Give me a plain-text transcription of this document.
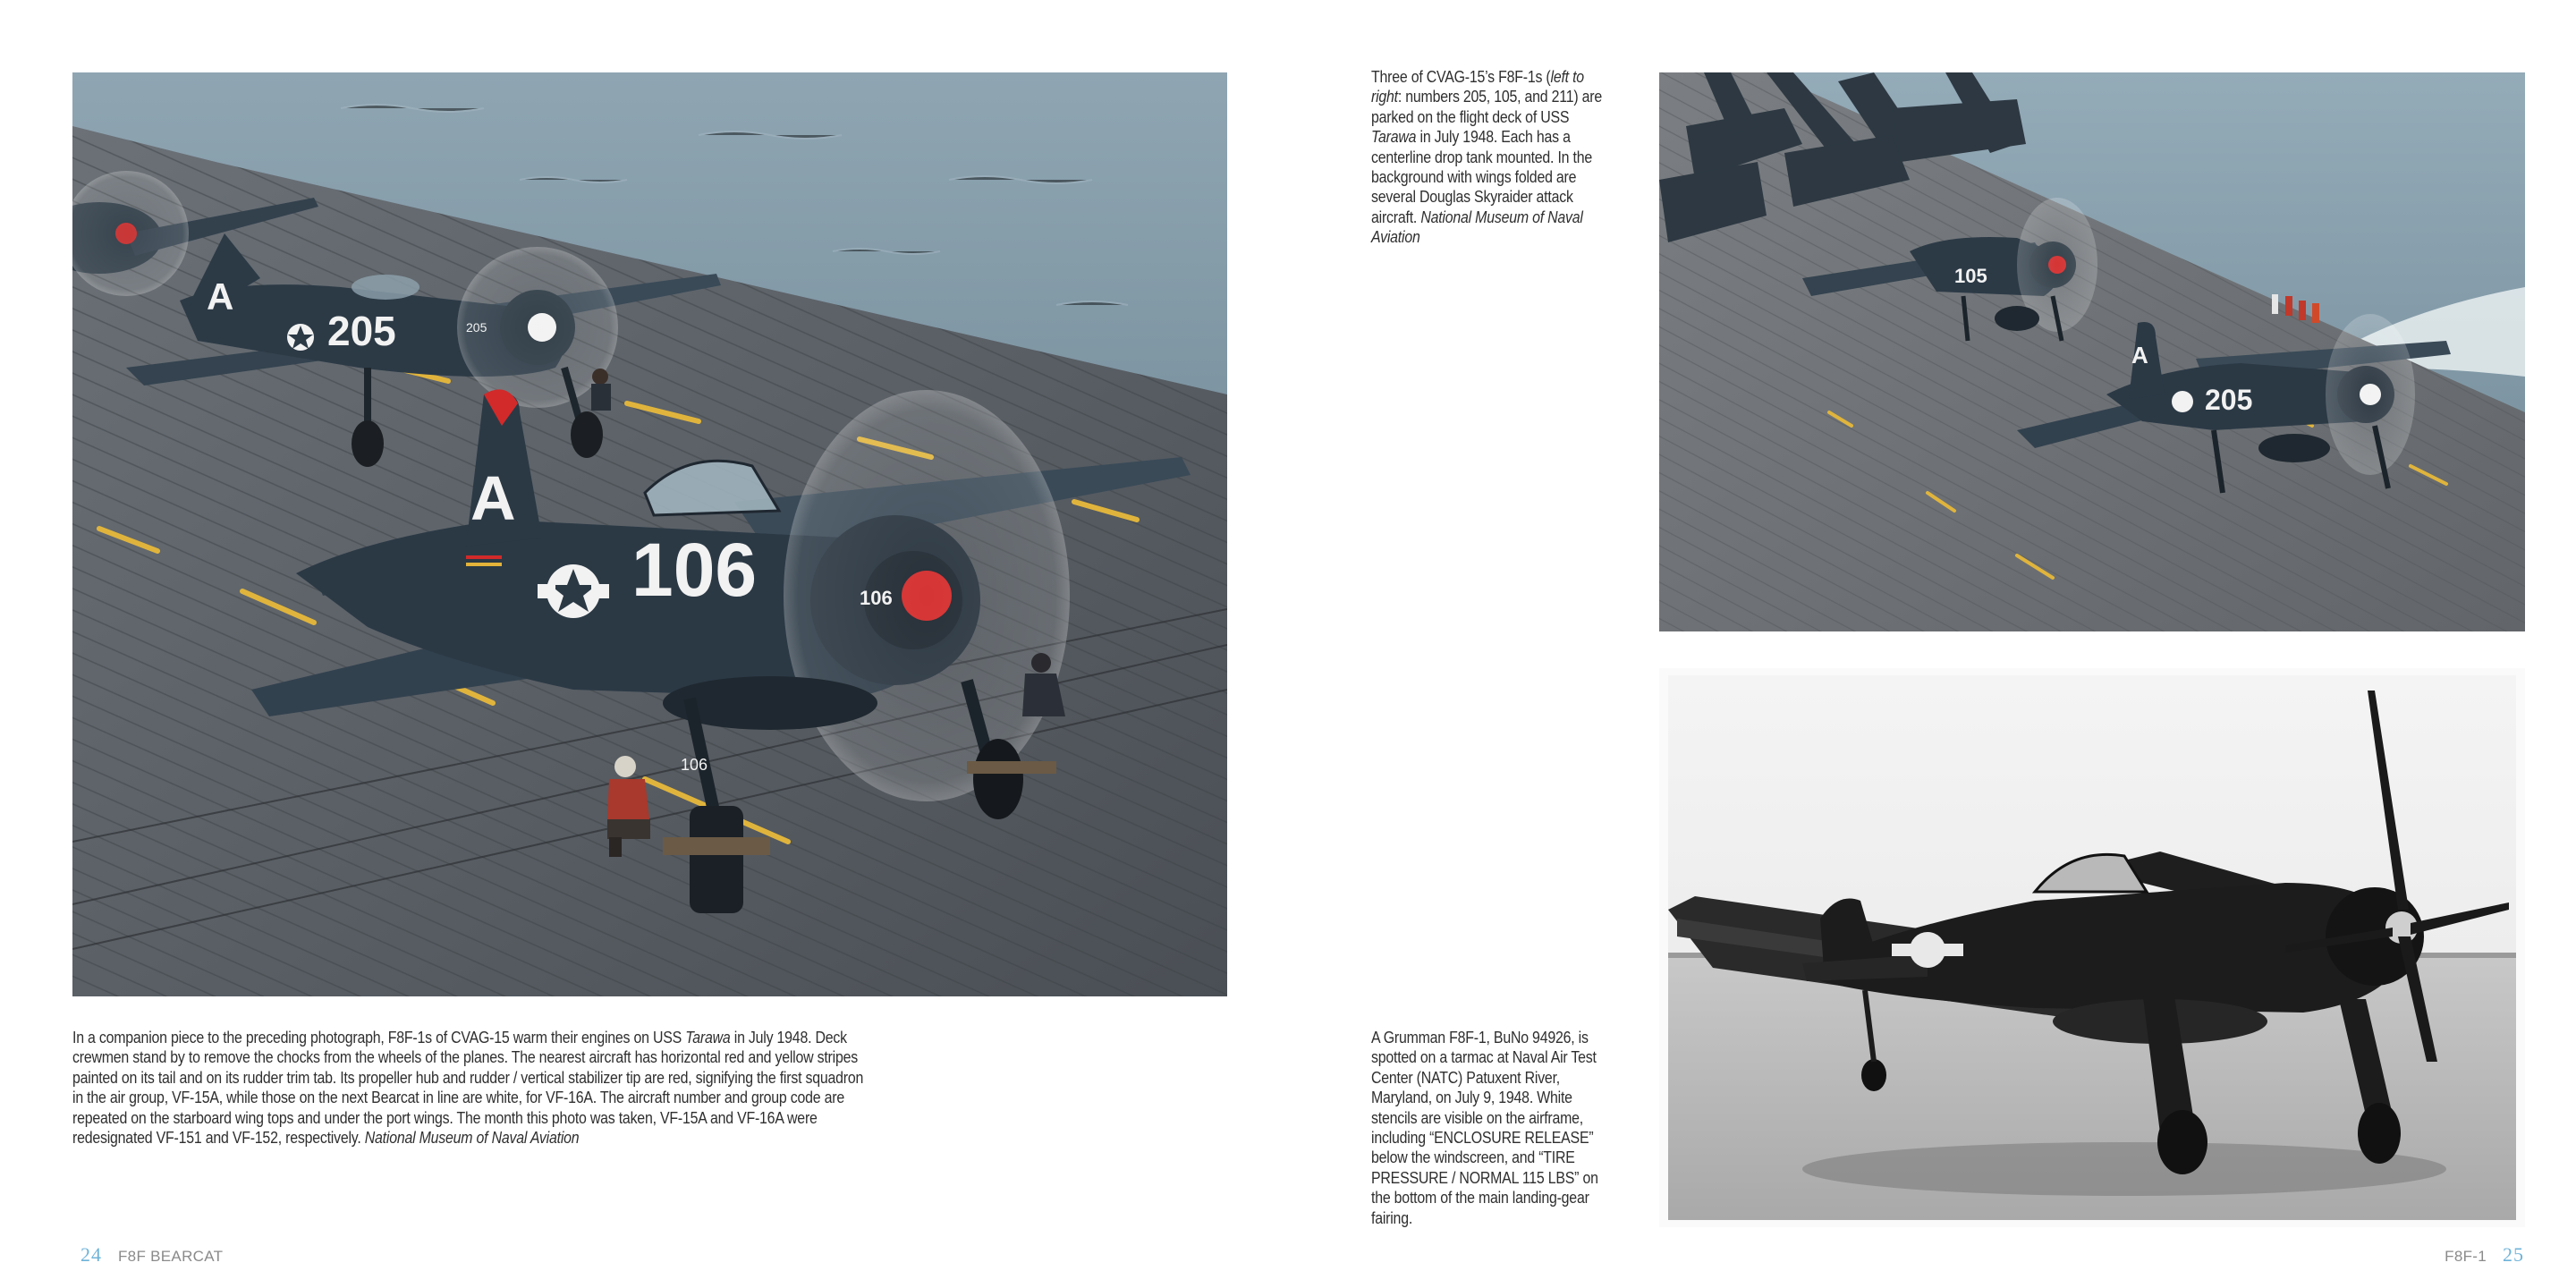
A
205	205
A
106	106
106
In a companion piece to the preceding photograph, F8F-1s of CVAG-15 warm their engines on USS Tarawa in July 1948. Deck crewmen stand by to remove the chocks from the wheels of the planes. The nearest aircraft has horizontal red and yellow stripes painted on its tail and on its rudder trim tab. Its propeller hub and rudder / vertical stabilizer tip are red, signifying the first squadron in the air group, VF-15A, while those on the next Bearcat in line are white, for VF-16A. The aircraft number and group code are repeated on the starboard wing tops and under the port wings. The month this photo was taken, VF-15A and VF-16A were redesignated VF-151 and VF-152, respectively. National Museum of Naval Aviation
Three of CVAG-15’s F8F-1s (left to right: numbers 205, 105, and 211) are parked on the flight deck of USS Tarawa in July 1948. Each has a centerline drop tank mounted. In the background with wings folded are several Douglas Skyraider attack aircraft. National Museum of Naval Aviation
105
A
205
A Grumman F8F-1, BuNo 94926, is spotted on a tarmac at Naval Air Test Center (NATC) Patuxent River, Maryland, on July 9, 1948. White stencils are visible on the airframe, including “ENCLOSURE RELEASE” below the windscreen, and “TIRE PRESSURE / NORMAL 115 LBS” on the bottom of the main landing-gear fairing.
24 F8F BEARCAT	F8F-1 25
